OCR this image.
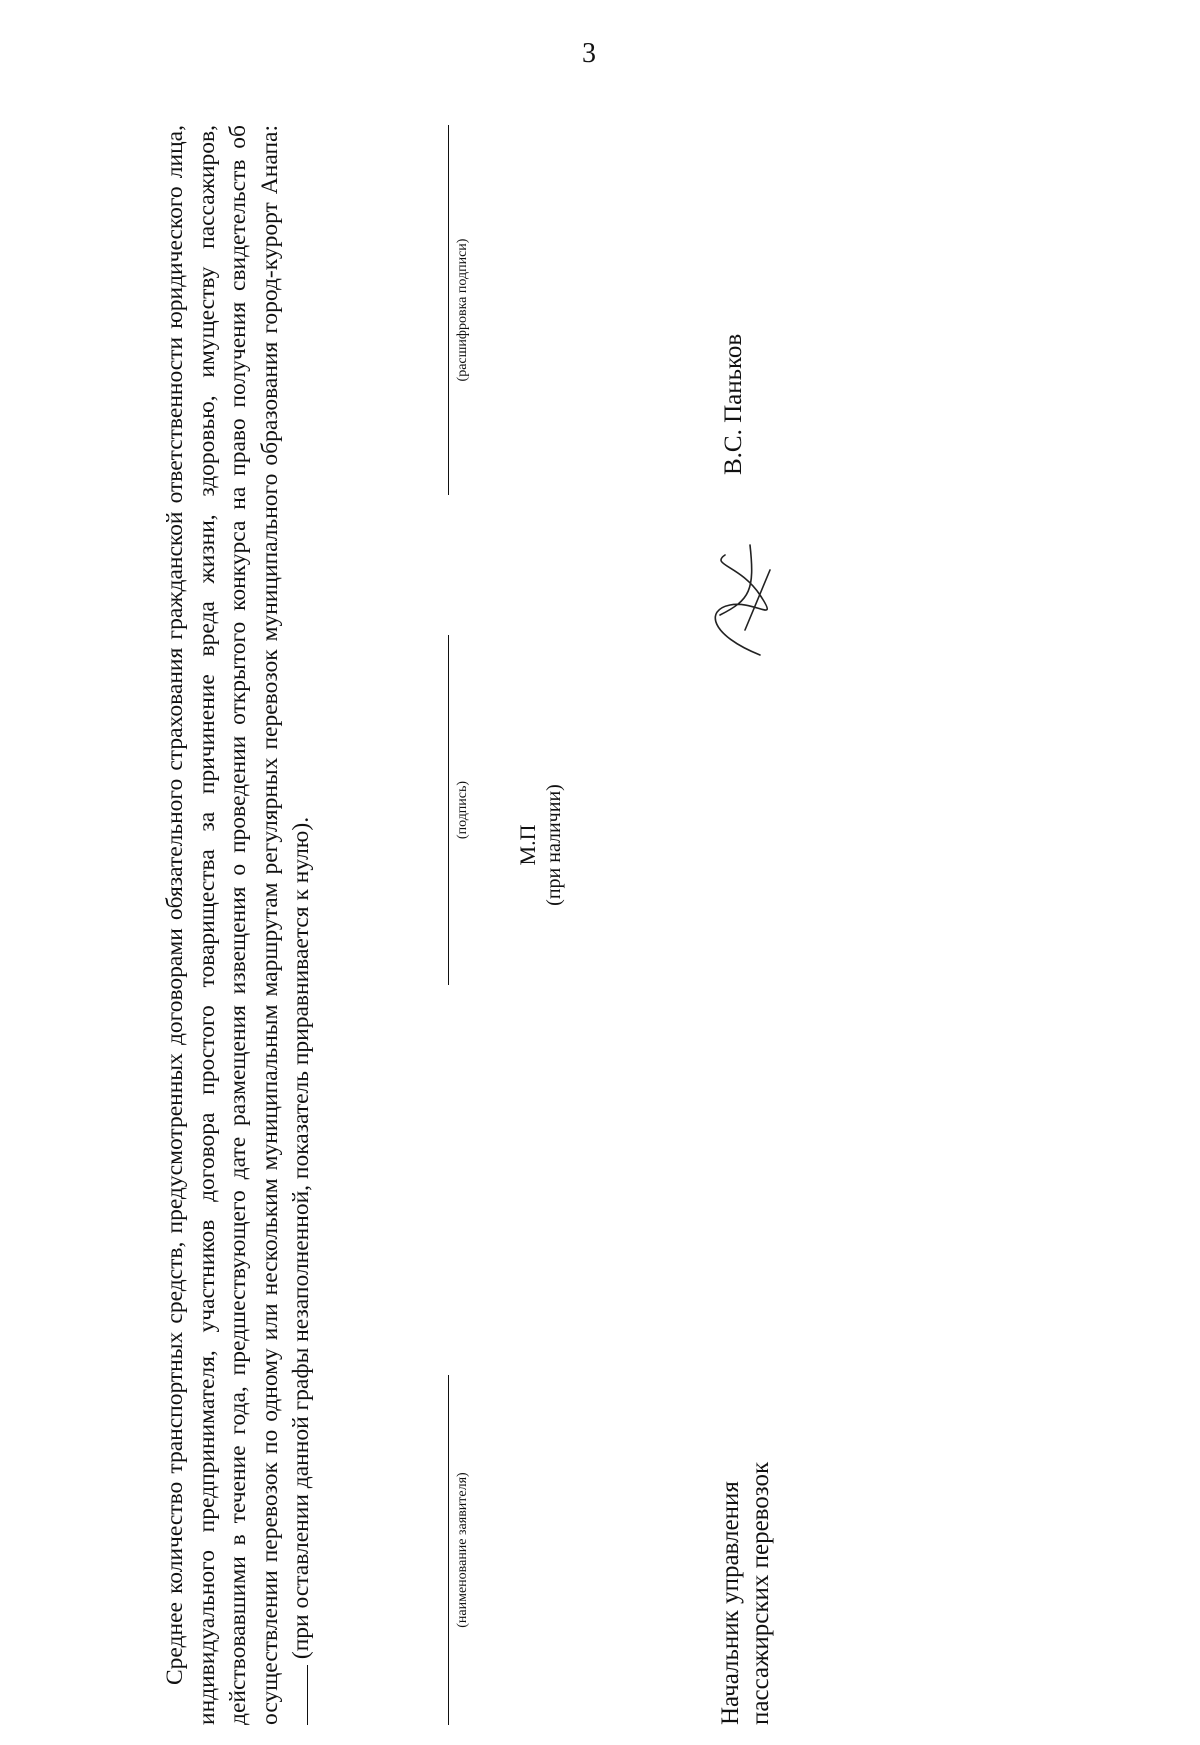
3

Среднее количество транспортных средств, предусмотренных договорами обязательного страхования гражданской ответственности юридического лица, индивидуального предпринимателя, участников договора простого товарищества за причинение вреда жизни, здоровью, имуществу пассажиров, действовавшими в течение года, предшествующего дате размещения извещения о проведении открытого конкурса на право получения свидетельств об осуществлении перевозок по одному или нескольким муниципальным маршрутам регулярных перевозок муниципального образования город-курорт Анапа: (при оставлении данной графы незаполненной, показатель приравнивается к нулю).	(наименование заявителя)
(подпись)
(расшифровка подписи)
М.П (при наличии)
Начальник управления пассажирских перевозок
В.С. Паньков
